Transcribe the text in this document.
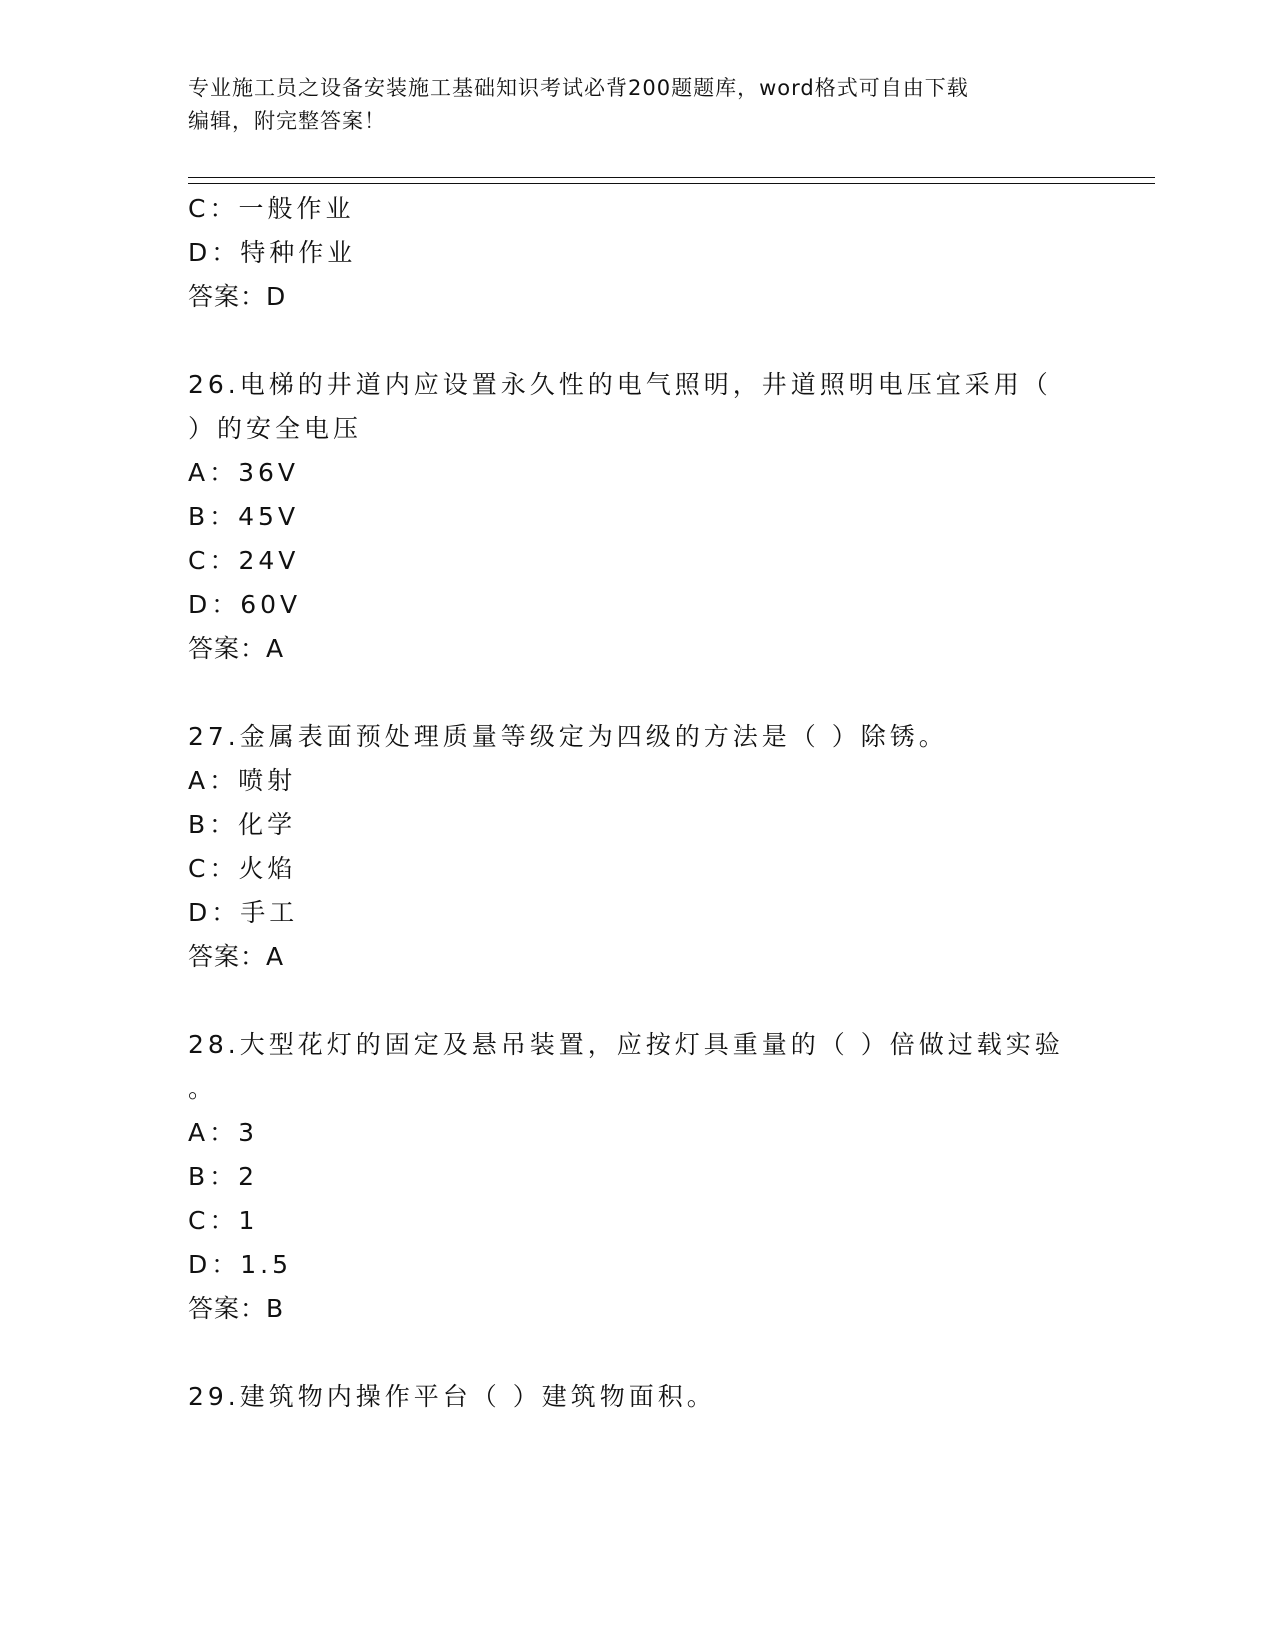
专业施工员之设备安装施工基础知识考试必背200题题库，word格式可自由下载
编辑，附完整答案！
C：一般作业
D：特种作业
答案：D
26.电梯的井道内应设置永久性的电气照明，井道照明电压宜采用（
）的安全电压
A：36V
B：45V
C：24V
D：60V
答案：A
27.金属表面预处理质量等级定为四级的方法是（ ）除锈。
A：喷射
B：化学
C：火焰
D：手工
答案：A
28.大型花灯的固定及悬吊装置，应按灯具重量的（ ）倍做过载实验
。
A：3
B：2
C：1
D：1.5
答案：B
29.建筑物内操作平台（ ）建筑物面积。
